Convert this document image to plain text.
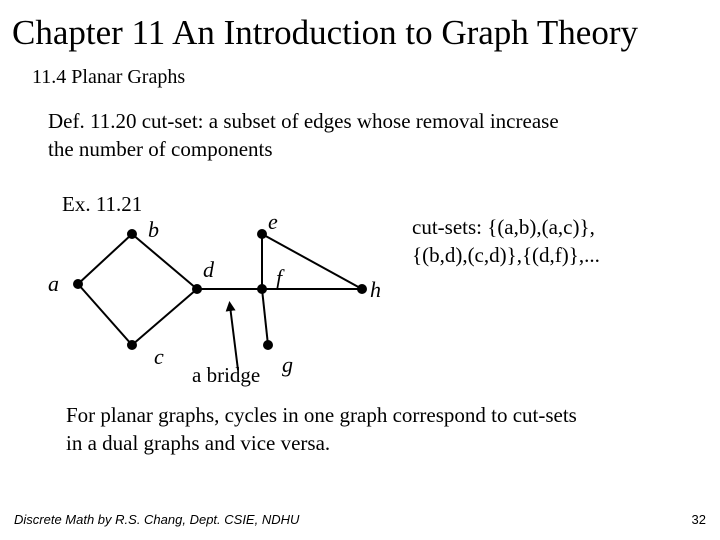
Chapter 11 An Introduction to Graph Theory
11.4 Planar Graphs
Def. 11.20 cut-set: a subset of edges whose removal increase
the number of components
Ex. 11.21
cut-sets: {(a,b),(a,c)},
{(b,d),(c,d)},{(d,f)},...
For planar graphs, cycles in one graph correspond to cut-sets
in a dual graphs and vice versa.
Discrete Math by R.S. Chang, Dept. CSIE, NDHU	32
a
b
c
d
e
f
g
h
a bridge
